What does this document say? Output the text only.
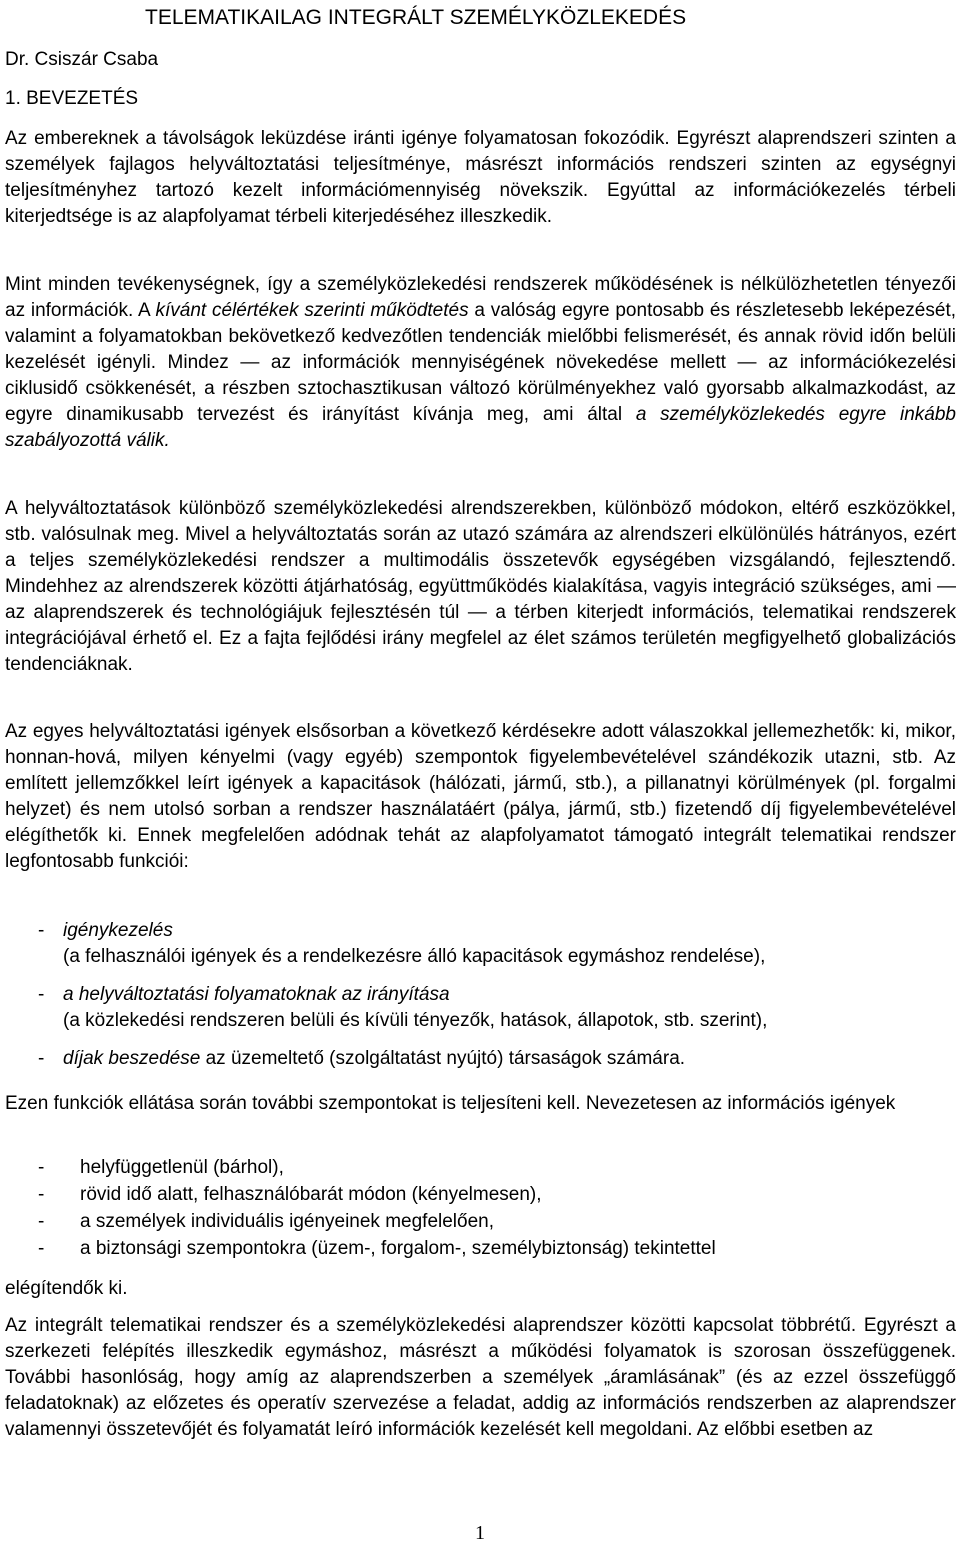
TELEMATIKAILAG INTEGRÁLT SZEMÉLYKÖZLEKEDÉS
Dr. Csiszár Csaba
1. BEVEZETÉS

Az embereknek a távolságok leküzdése iránti igénye folyamatosan fokozódik. Egyrészt alaprendszeri szinten a személyek fajlagos helyváltoztatási teljesítménye, másrészt információs rendszeri szinten az egységnyi teljesítményhez tartozó kezelt információmennyiség növekszik. Egyúttal az információkezelés térbeli kiterjedtsége is az alapfolyamat térbeli kiterjedéséhez illeszkedik.

Mint minden tevékenységnek, így a személyközlekedési rendszerek működésének is nélkülözhetetlen tényezői az információk. A kívánt célértékek szerinti működtetés a valóság egyre pontosabb és részletesebb leképezését, valamint a folyamatokban bekövetkező kedvezőtlen tendenciák mielőbbi felismerését, és annak rövid időn belüli kezelését igényli. Mindez ― az információk mennyiségének növekedése mellett ― az információkezelési ciklusidő csökkenését, a részben sztochasztikusan változó körülményekhez való gyorsabb alkalmazkodást, az egyre dinamikusabb tervezést és irányítást kívánja meg, ami által a személyközlekedés egyre inkább szabályozottá válik.

A helyváltoztatások különböző személyközlekedési alrendszerekben, különböző módokon, eltérő eszközökkel, stb. valósulnak meg. Mivel a helyváltoztatás során az utazó számára az alrendszeri elkülönülés hátrányos, ezért a teljes személyközlekedési rendszer a multimodális összetevők egységében vizsgálandó, fejlesztendő. Mindehhez az alrendszerek közötti átjárhatóság, együttműködés kialakítása, vagyis integráció szükséges, ami ― az alaprendszerek és technológiájuk fejlesztésén túl ― a térben kiterjedt információs, telematikai rendszerek integrációjával érhető el. Ez a fajta fejlődési irány megfelel az élet számos területén megfigyelhető globalizációs tendenciáknak.

Az egyes helyváltoztatási igények elsősorban a következő kérdésekre adott válaszokkal jellemezhetők: ki, mikor, honnan-hová, milyen kényelmi (vagy egyéb) szempontok figyelembevételével szándékozik utazni, stb. Az említett jellemzőkkel leírt igények a kapacitások (hálózati, jármű, stb.), a pillanatnyi körülmények (pl. forgalmi helyzet) és nem utolsó sorban a rendszer használatáért (pálya, jármű, stb.) fizetendő díj figyelembevételével elégíthetők ki. Ennek megfelelően adódnak tehát az alapfolyamatot támogató integrált telematikai rendszer legfontosabb funkciói:

- igénykezelés
(a felhasználói igények és a rendelkezésre álló kapacitások egymáshoz rendelése),
- a helyváltoztatási folyamatoknak az irányítása
(a közlekedési rendszeren belüli és kívüli tényezők, hatások, állapotok, stb. szerint),
- díjak beszedése az üzemeltető (szolgáltatást nyújtó) társaságok számára.

Ezen funkciók ellátása során további szempontokat is teljesíteni kell. Nevezetesen az információs igények

-	helyfüggetlenül (bárhol),
-	rövid idő alatt, felhasználóbarát módon (kényelmesen),
-	a személyek individuális igényeinek megfelelően,
-	a biztonsági szempontokra (üzem-, forgalom-, személybiztonság) tekintettel

elégítendők ki.

Az integrált telematikai rendszer és a személyközlekedési alaprendszer közötti kapcsolat többrétű. Egyrészt a szerkezeti felépítés illeszkedik egymáshoz, másrészt a működési folyamatok is szorosan összefüggenek. További hasonlóság, hogy amíg az alaprendszerben a személyek „áramlásának” (és az ezzel összefüggő feladatoknak) az előzetes és operatív szervezése a feladat, addig az információs rendszerben az alaprendszer valamennyi összetevőjét és folyamatát leíró információk kezelését kell megoldani. Az előbbi esetben az

1
